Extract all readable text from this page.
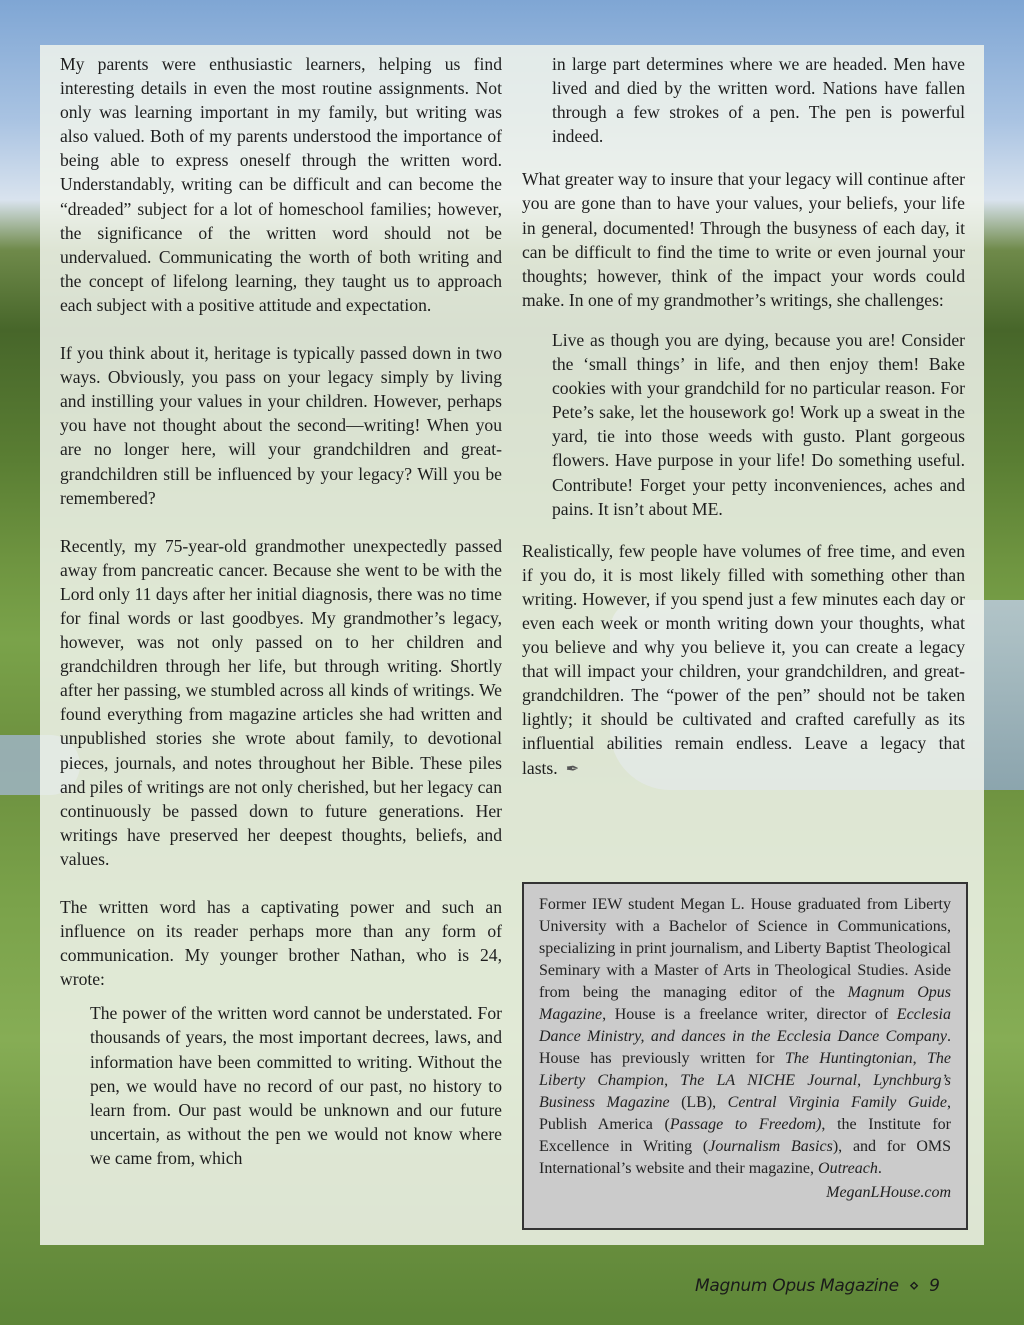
My parents were enthusiastic learners, helping us find interesting details in even the most routine assignments. Not only was learning important in my family, but writing was also valued. Both of my parents understood the importance of being able to express oneself through the written word. Understandably, writing can be difficult and can become the “dreaded” subject for a lot of homeschool families; however, the significance of the written word should not be undervalued. Communicating the worth of both writing and the concept of lifelong learning, they taught us to approach each subject with a positive attitude and expectation.

If you think about it, heritage is typically passed down in two ways. Obviously, you pass on your legacy simply by living and instilling your values in your children. However, perhaps you have not thought about the second—writing! When you are no longer here, will your grandchildren and great-grandchildren still be influenced by your legacy? Will you be remembered?

Recently, my 75-year-old grandmother unexpectedly passed away from pancreatic cancer. Because she went to be with the Lord only 11 days after her initial diagnosis, there was no time for final words or last goodbyes. My grandmother’s legacy, however, was not only passed on to her children and grandchildren through her life, but through writing. Shortly after her passing, we stumbled across all kinds of writings. We found everything from magazine articles she had written and unpublished stories she wrote about family, to devotional pieces, journals, and notes throughout her Bible. These piles and piles of writings are not only cherished, but her legacy can continuously be passed down to future generations. Her writings have preserved her deepest thoughts, beliefs, and values.

The written word has a captivating power and such an influence on its reader perhaps more than any form of communication. My younger brother Nathan, who is 24, wrote:

The power of the written word cannot be understated. For thousands of years, the most important decrees, laws, and information have been committed to writing. Without the pen, we would have no record of our past, no history to learn from. Our past would be unknown and our future uncertain, as without the pen we would not know where we came from, which

in large part determines where we are headed. Men have lived and died by the written word. Nations have fallen through a few strokes of a pen. The pen is powerful indeed.

What greater way to insure that your legacy will continue after you are gone than to have your values, your beliefs, your life in general, documented! Through the busyness of each day, it can be difficult to find the time to write or even journal your thoughts; however, think of the impact your words could make. In one of my grandmother’s writings, she challenges:

Live as though you are dying, because you are! Consider the ‘small things’ in life, and then enjoy them! Bake cookies with your grandchild for no particular reason. For Pete’s sake, let the housework go! Work up a sweat in the yard, tie into those weeds with gusto. Plant gorgeous flowers. Have purpose in your life! Do something useful. Contribute! Forget your petty inconveniences, aches and pains. It isn’t about ME.

Realistically, few people have volumes of free time, and even if you do, it is most likely filled with something other than writing. However, if you spend just a few minutes each day or even each week or month writing down your thoughts, what you believe and why you believe it, you can create a legacy that will impact your children, your grandchildren, and great-grandchildren. The “power of the pen” should not be taken lightly; it should be cultivated and crafted carefully as its influential abilities remain endless. Leave a legacy that lasts. ✒

Former IEW student Megan L. House graduated from Liberty University with a Bachelor of Science in Communications, specializing in print journalism, and Liberty Baptist Theological Seminary with a Master of Arts in Theological Studies. Aside from being the managing editor of the Magnum Opus Magazine, House is a freelance writer, director of Ecclesia Dance Ministry, and dances in the Ecclesia Dance Company. House has previously written for The Huntingtonian, The Liberty Champion, The LA NICHE Journal, Lynchburg’s Business Magazine (LB), Central Virginia Family Guide, Publish America (Passage to Freedom), the Institute for Excellence in Writing (Journalism Basics), and for OMS International’s website and their magazine, Outreach.

MeganLHouse.com

Magnum Opus Magazine ⋄ 9
